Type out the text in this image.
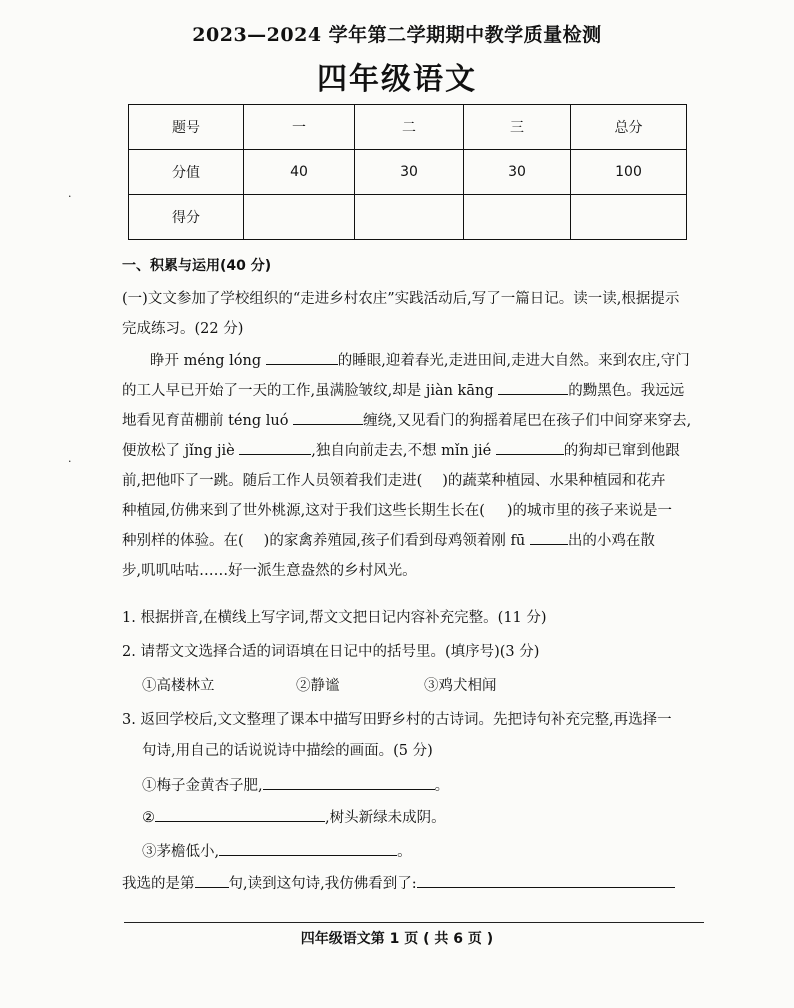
2023—2024 学年第二学期期中教学质量检测
四年级语文
题号	一	二	三	总分
分值	40	30	30	100
得分				
一、积累与运用(40 分)
(一)文文参加了学校组织的“走进乡村农庄”实践活动后,写了一篇日记。读一读,根据提示
完成练习。(22 分)
睁开 méng lóng	的睡眼,迎着春光,走进田间,走进大自然。来到农庄,守门
的工人早已开始了一天的工作,虽满脸皱纹,却是 jiàn kāng	的黝黑色。我远远
地看见育苗棚前 téng luó	缠绕,又见看门的狗摇着尾巴在孩子们中间穿来穿去,
便放松了 jǐng jiè	,独自向前走去,不想 mǐn jié	的狗却已窜到他跟
前,把他吓了一跳。随后工作人员领着我们走进( )的蔬菜种植园、水果种植园和花卉
种植园,仿佛来到了世外桃源,这对于我们这些长期生长在( )的城市里的孩子来说是一
种别样的体验。在( )的家禽养殖园,孩子们看到母鸡领着刚 fū	出的小鸡在散
步,叽叽咕咕……好一派生意盎然的乡村风光。
1. 根据拼音,在横线上写字词,帮文文把日记内容补充完整。(11 分)
2. 请帮文文选择合适的词语填在日记中的括号里。(填序号)(3 分)
①高楼林立	②静谧	③鸡犬相闻
3. 返回学校后,文文整理了课本中描写田野乡村的古诗词。先把诗句补充完整,再选择一
句诗,用自己的话说说诗中描绘的画面。(5 分)
①梅子金黄杏子肥,	。
②	,树头新绿未成阴。
③茅檐低小,	。
我选的是第 句,读到这句诗,我仿佛看到了:
四年级语文第 1 页 ( 共 6 页 )
·
·
